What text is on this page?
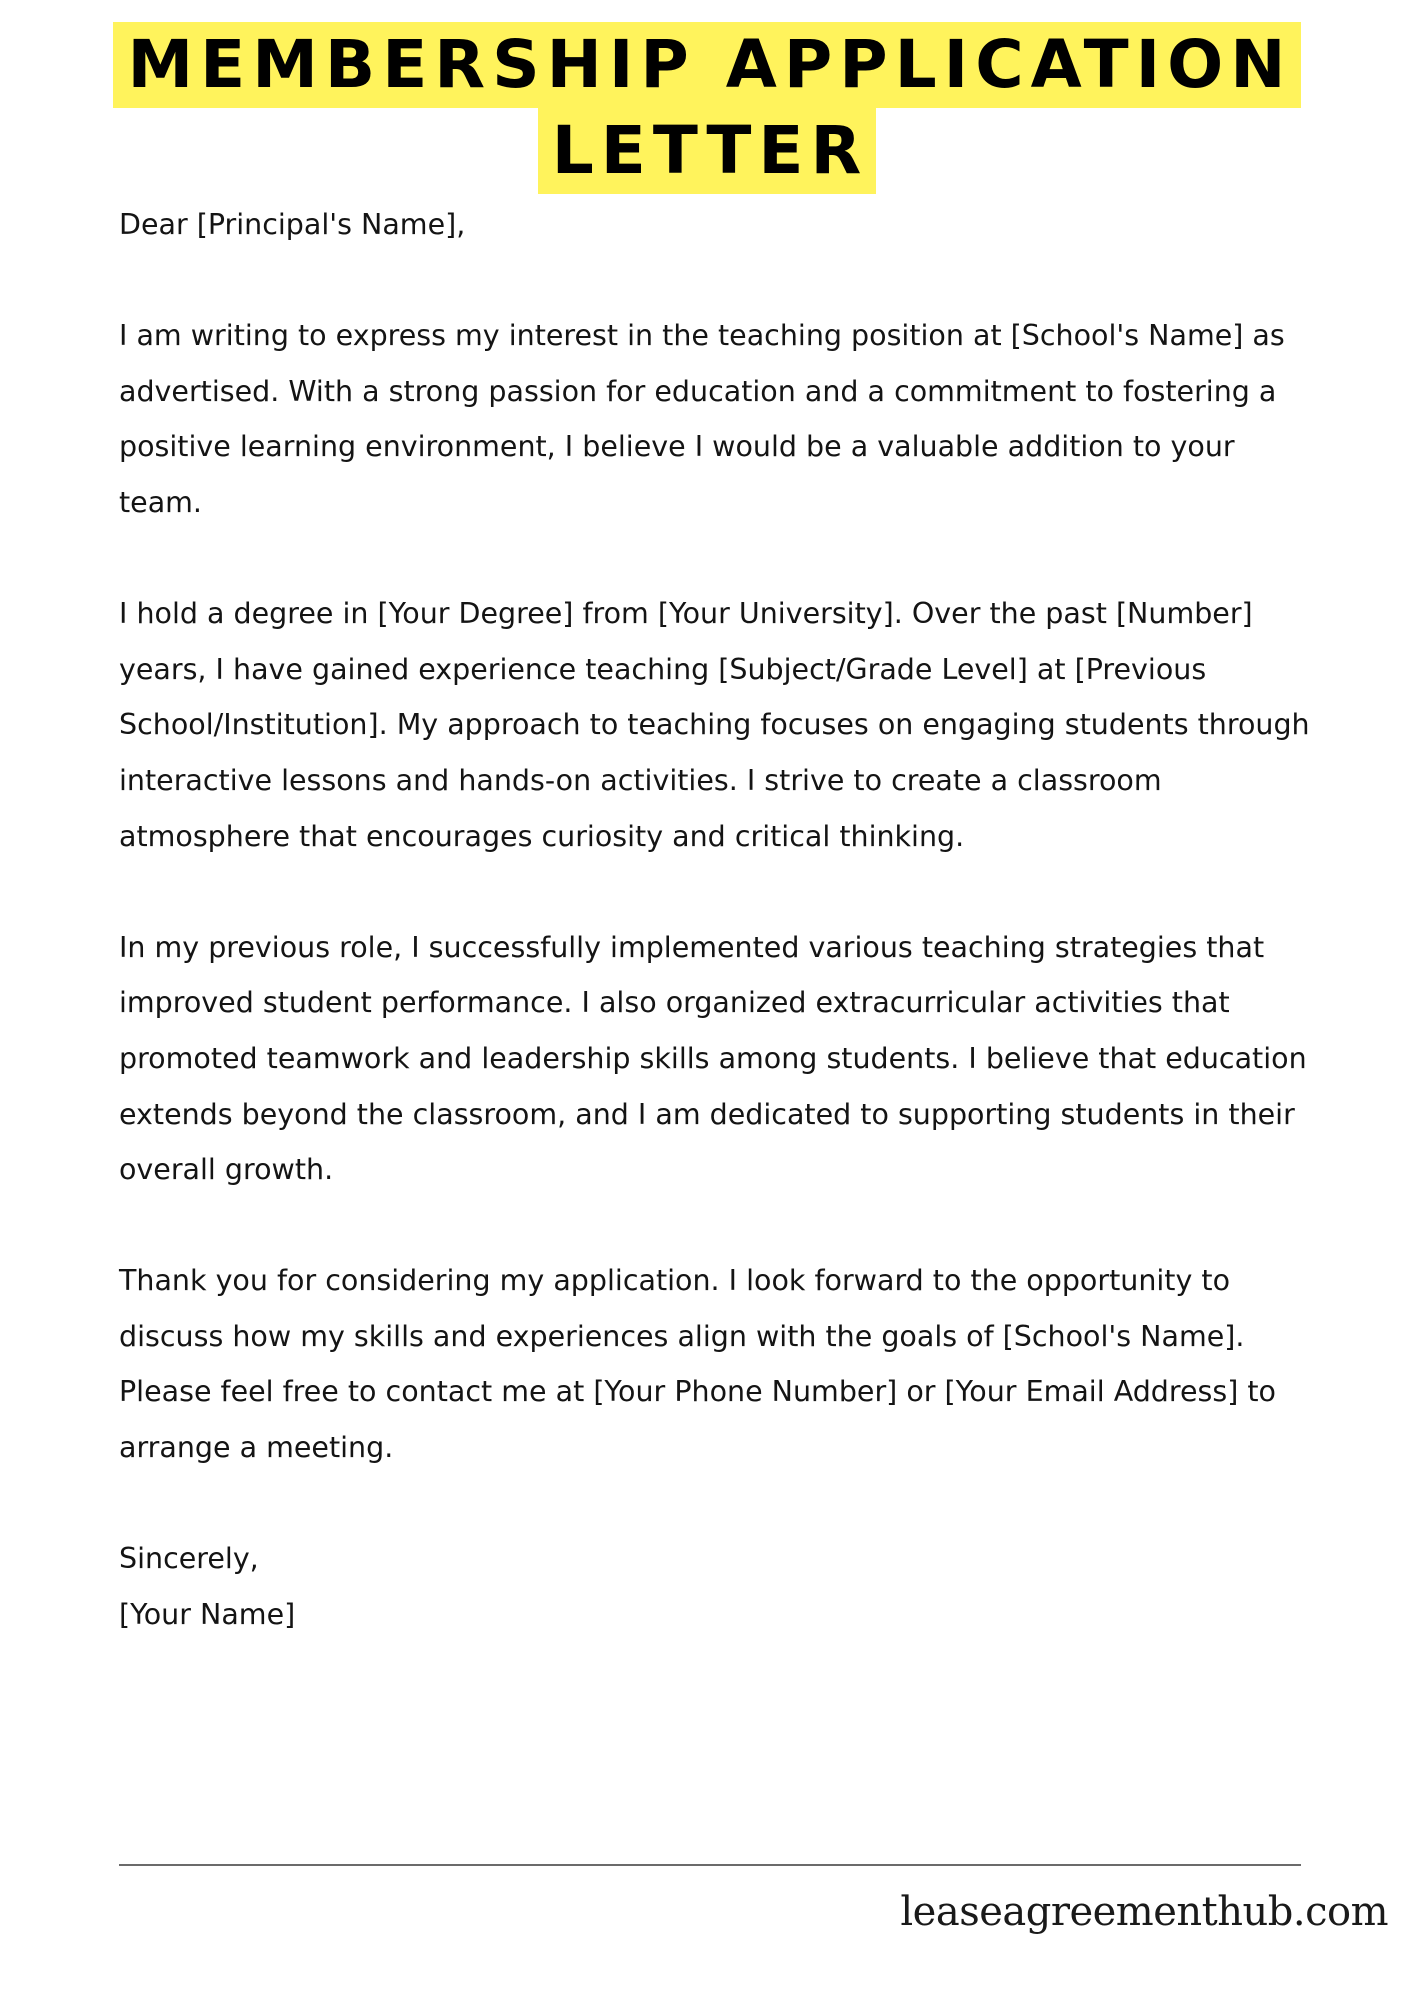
MEMBERSHIP APPLICATION
LETTER

Dear [Principal's Name],

I am writing to express my interest in the teaching position at [School's Name] as advertised. With a strong passion for education and a commitment to fostering a positive learning environment, I believe I would be a valuable addition to your team.

I hold a degree in [Your Degree] from [Your University]. Over the past [Number] years, I have gained experience teaching [Subject/Grade Level] at [Previous School/Institution]. My approach to teaching focuses on engaging students through interactive lessons and hands-on activities. I strive to create a classroom atmosphere that encourages curiosity and critical thinking.

In my previous role, I successfully implemented various teaching strategies that improved student performance. I also organized extracurricular activities that promoted teamwork and leadership skills among students. I believe that education extends beyond the classroom, and I am dedicated to supporting students in their overall growth.

Thank you for considering my application. I look forward to the opportunity to discuss how my skills and experiences align with the goals of [School's Name]. Please feel free to contact me at [Your Phone Number] or [Your Email Address] to arrange a meeting.

Sincerely,

[Your Name]

leaseagreementhub.com
